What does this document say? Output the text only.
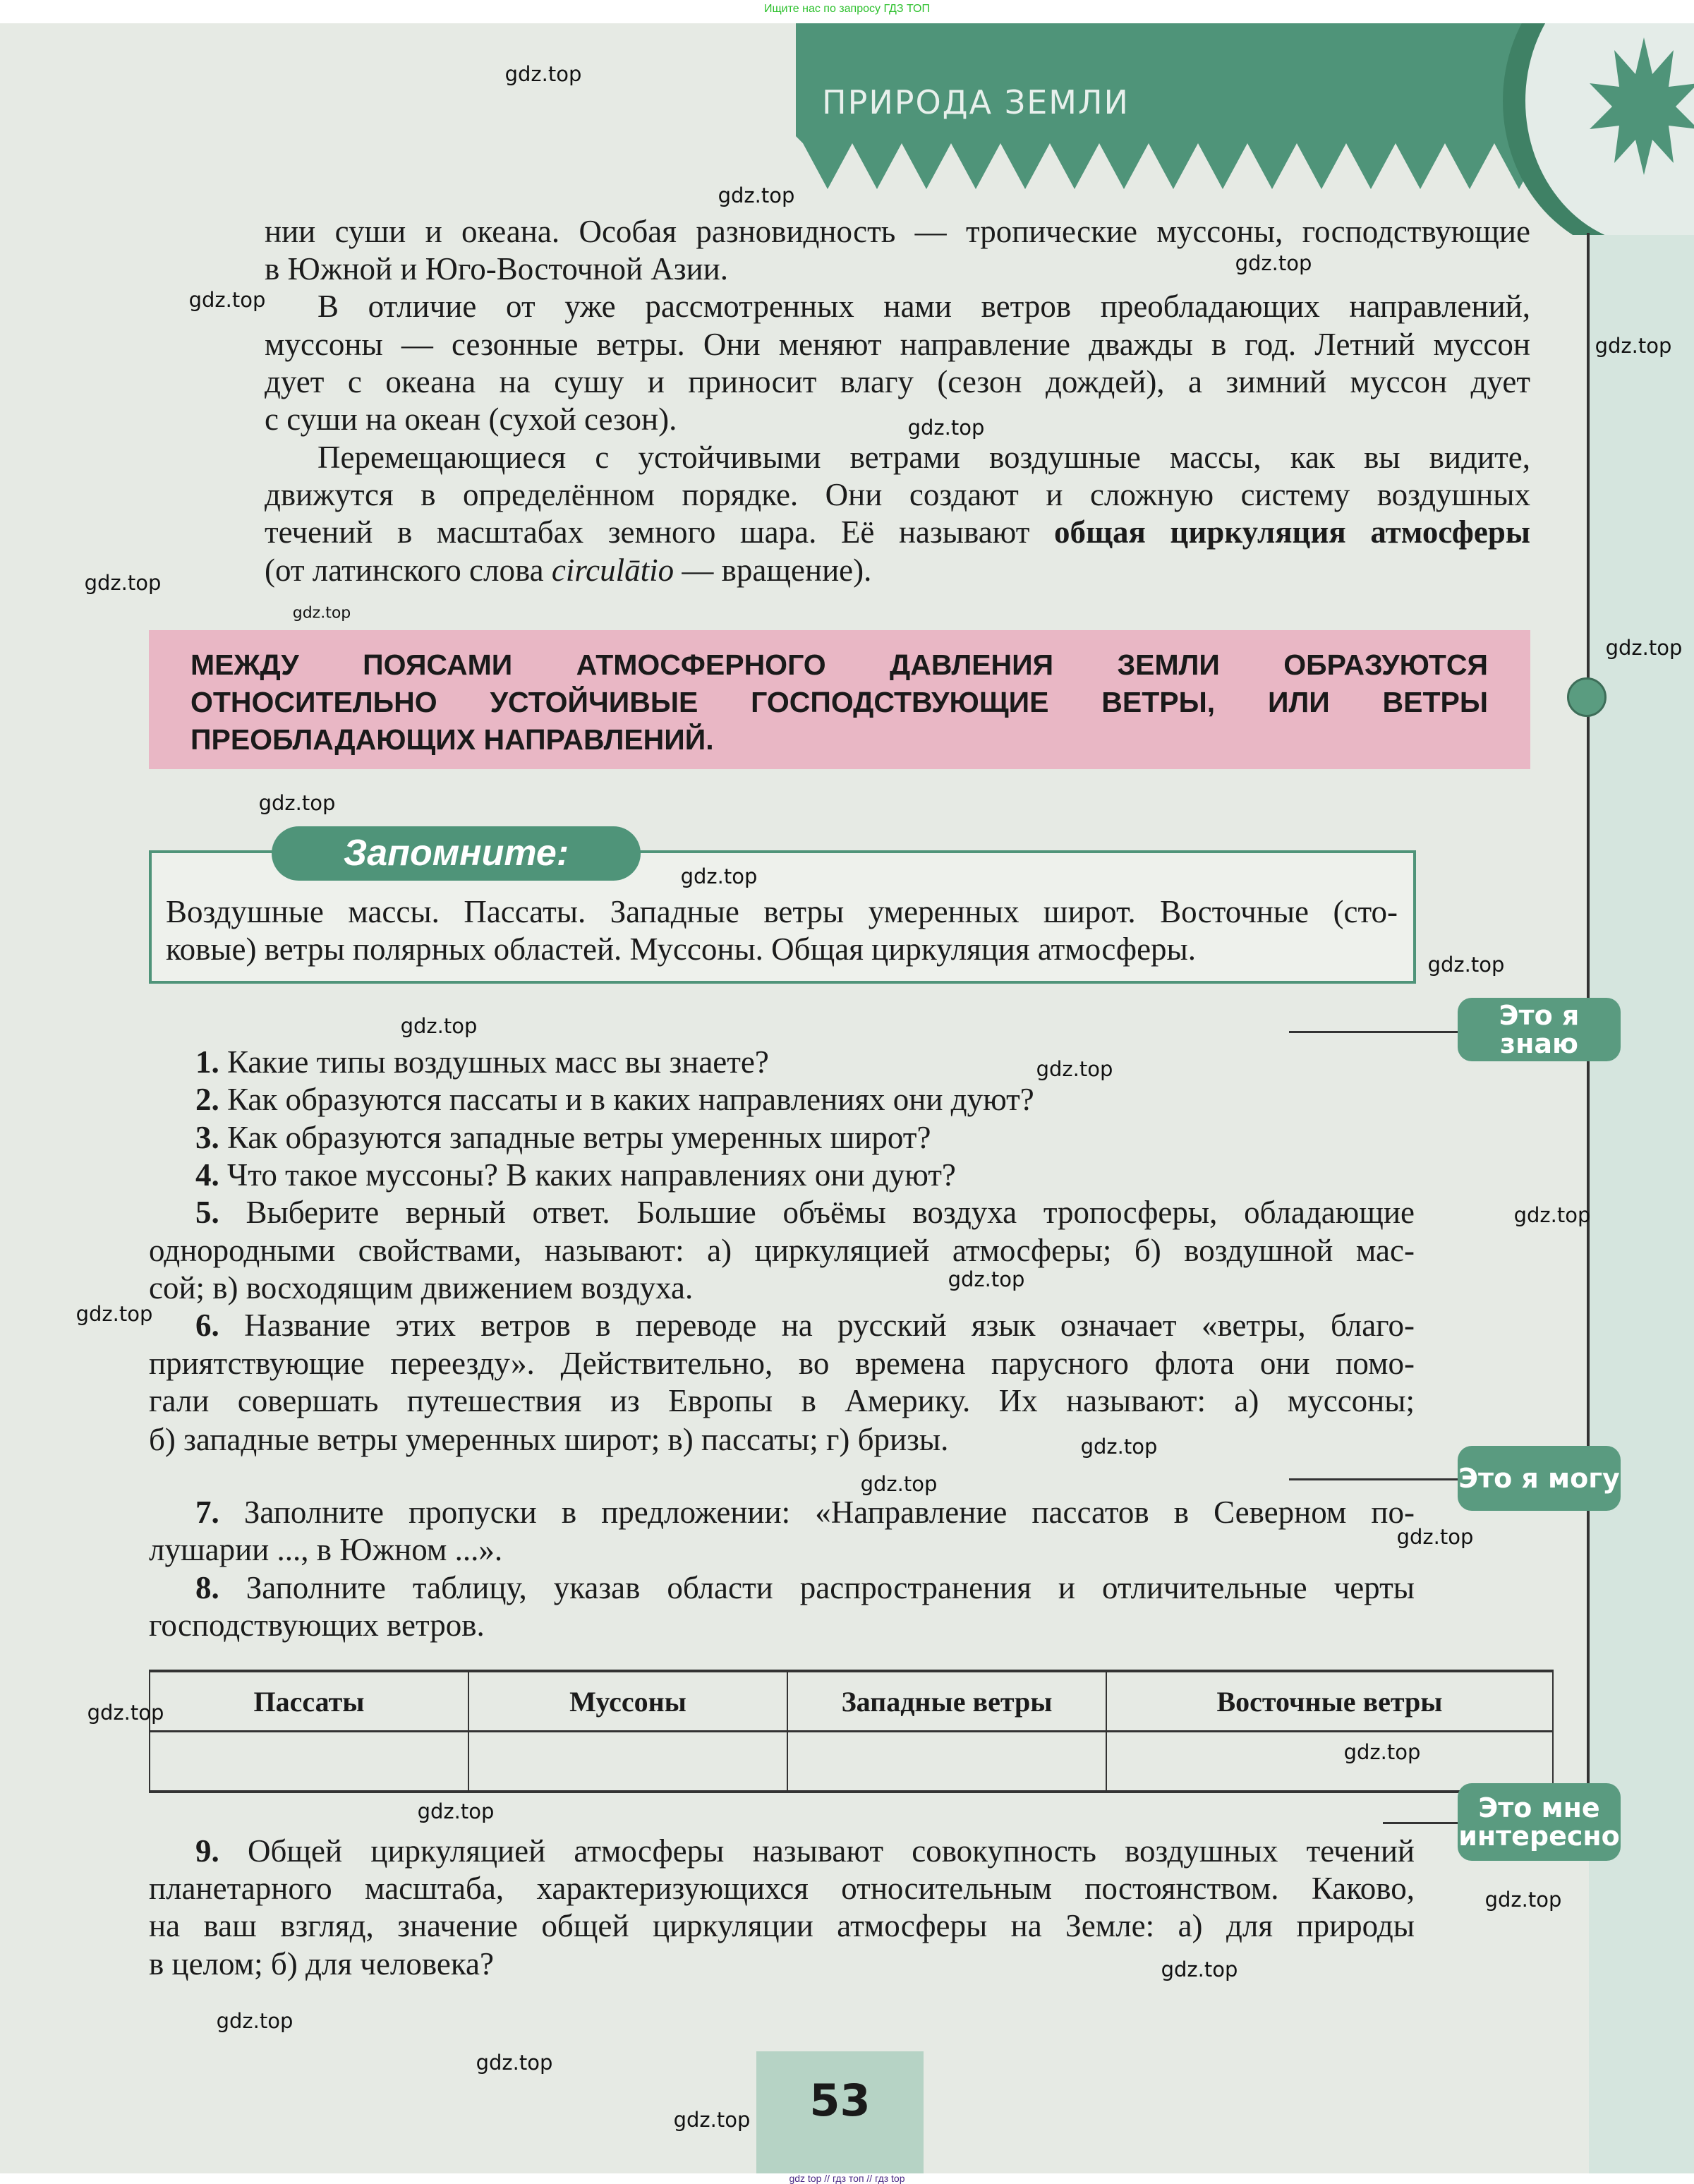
Ищите нас по запросу ГДЗ ТОП
ПРИРОДА ЗЕМЛИ
нии суши и океана. Особая разновидность — тропические муссоны, господствующие
в Южной и Юго-Восточной Азии.
В отличие от уже рассмотренных нами ветров преобладающих направлений,
муссоны — сезонные ветры. Они меняют направление дважды в год. Летний муссон
дует с океана на сушу и приносит влагу (сезон дождей), а зимний муссон дует
с суши на океан (сухой сезон).
Перемещающиеся с устойчивыми ветрами воздушные массы, как вы видите,
движутся в определённом порядке. Они создают и сложную систему воздушных
течений в масштабах земного шара. Её называют общая циркуляция атмосферы
(от латинского слова circulātio — вращение).
МЕЖДУ ПОЯСАМИ АТМОСФЕРНОГО ДАВЛЕНИЯ ЗЕМЛИ ОБРАЗУЮТСЯ
ОТНОСИТЕЛЬНО УСТОЙЧИВЫЕ ГОСПОДСТВУЮЩИЕ ВЕТРЫ, ИЛИ ВЕТРЫ
ПРЕОБЛАДАЮЩИХ НАПРАВЛЕНИЙ.
Запомните:
Воздушные массы. Пассаты. Западные ветры умеренных широт. Восточные (сто-
ковые) ветры полярных областей. Муссоны. Общая циркуляция атмосферы.
1. Какие типы воздушных масс вы знаете?
2. Как образуются пассаты и в каких направлениях они дуют?
3. Как образуются западные ветры умеренных широт?
4. Что такое муссоны? В каких направлениях они дуют?
5. Выберите верный ответ. Большие объёмы воздуха тропосферы, обладающие
однородными свойствами, называют: а) циркуляцией атмосферы; б) воздушной мас-
сой; в) восходящим движением воздуха.
6. Название этих ветров в переводе на русский язык означает «ветры, благо-
приятствующие переезду». Действительно, во времена парусного флота они помо-
гали совершать путешествия из Европы в Америку. Их называют: а) муссоны;
б) западные ветры умеренных широт; в) пассаты; г) бризы.
7. Заполните пропуски в предложении: «Направление пассатов в Северном по-
лушарии ..., в Южном ...».
8. Заполните таблицу, указав области распространения и отличительные черты
господствующих ветров.
Пассаты	Муссоны	Западные ветры	Восточные ветры

9. Общей циркуляцией атмосферы называют совокупность воздушных течений
планетарного масштаба, характеризующихся относительным постоянством. Каково,
на ваш взгляд, значение общей циркуляции атмосферы на Земле: а) для природы
в целом; б) для человека?
Это я знаю
Это я могу
Это мне
интересно
53
gdz.top
gdz.top
gdz.top
gdz.top
gdz.top
gdz.top
gdz.top
gdz.top
gdz.top
gdz.top
gdz.top
gdz.top
gdz.top
gdz.top
gdz.top
gdz.top
gdz.top
gdz.top
gdz.top
gdz.top
gdz.top
gdz.top
gdz.top
gdz.top
gdz.top
gdz.top
gdz.top
gdz.top
gdz top // гдз топ // гдз top
